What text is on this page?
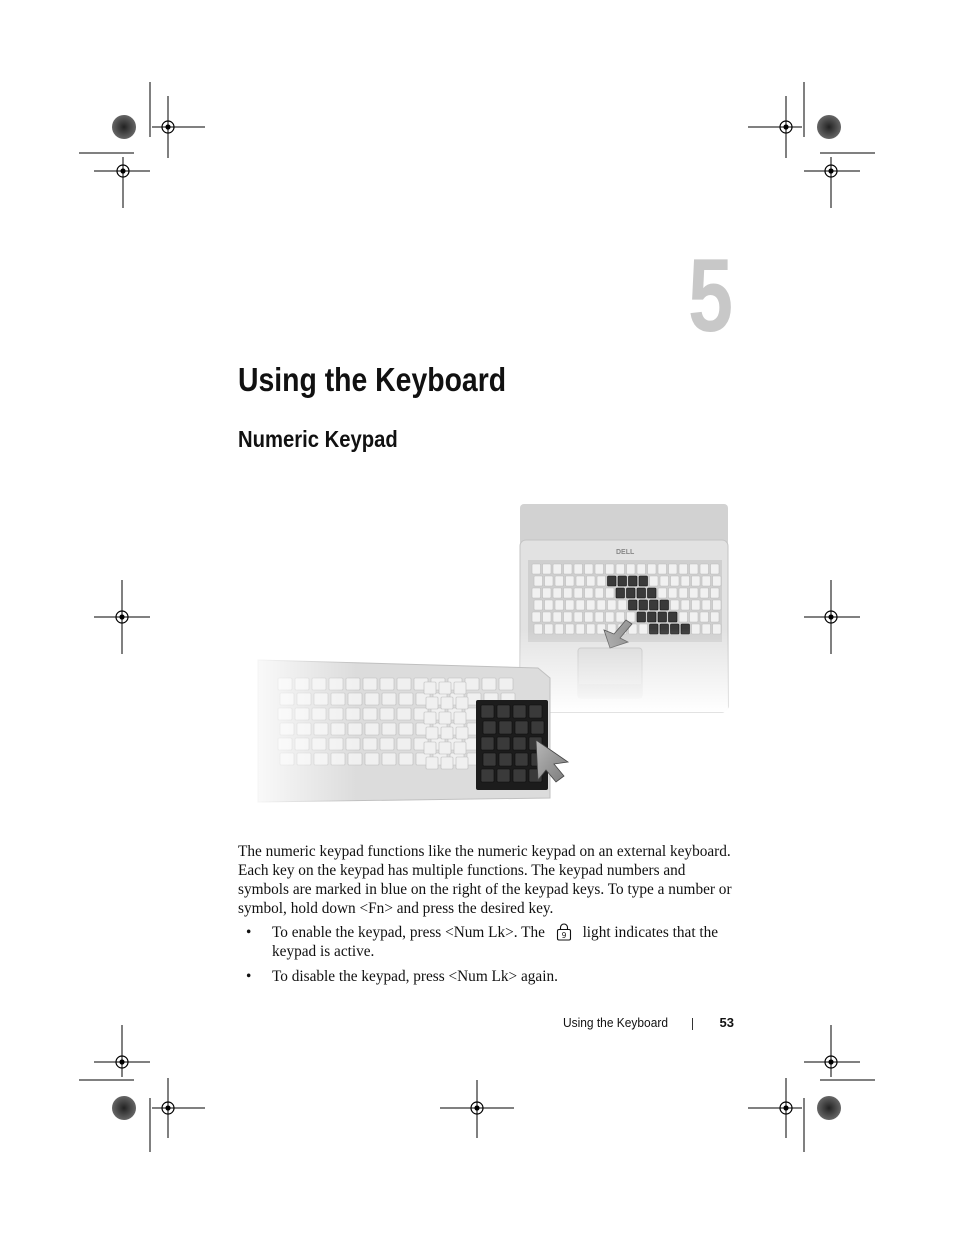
5
Using the Keyboard
Numeric Keypad

The numeric keypad functions like the numeric keypad on an external keyboard. Each key on the keypad has multiple functions. The keypad numbers and symbols are marked in blue on the right of the keypad keys. To type a number or symbol, hold down <Fn> and press the desired key.

• To enable the keypad, press <Num Lk>. The 9 light indicates that the keypad is active.
• To disable the keypad, press <Num Lk> again.
Using the Keyboard	53
